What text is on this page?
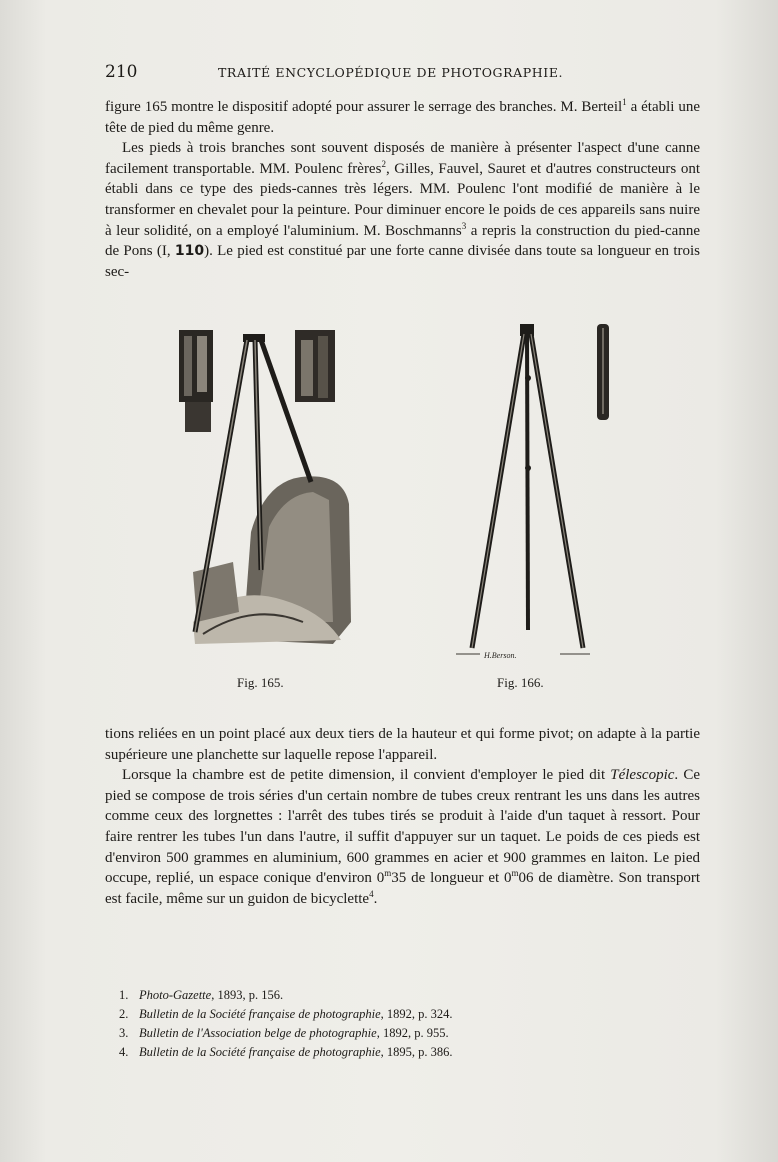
210	TRAITÉ ENCYCLOPÉDIQUE DE PHOTOGRAPHIE.

figure 165 montre le dispositif adopté pour assurer le serrage des branches. M. Berteil$^1$ a établi une tête de pied du même genre.

Les pieds à trois branches sont souvent disposés de manière à présenter l'aspect d'une canne facilement transportable. MM. Poulenc frères$^2$, Gilles, Fauvel, Sauret et d'autres constructeurs ont établi dans ce type des pieds-cannes très légers. MM. Poulenc l'ont modifié de manière à le transformer en chevalet pour la peinture. Pour diminuer encore le poids de ces appareils sans nuire à leur solidité, on a employé l'aluminium. M. Boschmanns$^3$ a repris la construction du pied-canne de Pons (I, 110). Le pied est constitué par une forte canne divisée dans toute sa longueur en trois sec-

Fig. 165.
H.Berson.
Fig. 166.

tions reliées en un point placé aux deux tiers de la hauteur et qui forme pivot; on adapte à la partie supérieure une planchette sur laquelle repose l'appareil.

Lorsque la chambre est de petite dimension, il convient d'employer le pied dit Télescopic. Ce pied se compose de trois séries d'un certain nombre de tubes creux rentrant les uns dans les autres comme ceux des lorgnettes : l'arrêt des tubes tirés se produit à l'aide d'un taquet à ressort. Pour faire rentrer les tubes l'un dans l'autre, il suffit d'appuyer sur un taquet. Le poids de ces pieds est d'environ 500 grammes en aluminium, 600 grammes en acier et 900 grammes en laiton. Le pied occupe, replié, un espace conique d'environ 0$^m$35 de longueur et 0$^m$06 de diamètre. Son transport est facile, même sur un guidon de bicyclette$^4$.

1. Photo-Gazette, 1893, p. 156.
2. Bulletin de la Société française de photographie, 1892, p. 324.
3. Bulletin de l'Association belge de photographie, 1892, p. 955.
4. Bulletin de la Société française de photographie, 1895, p. 386.
